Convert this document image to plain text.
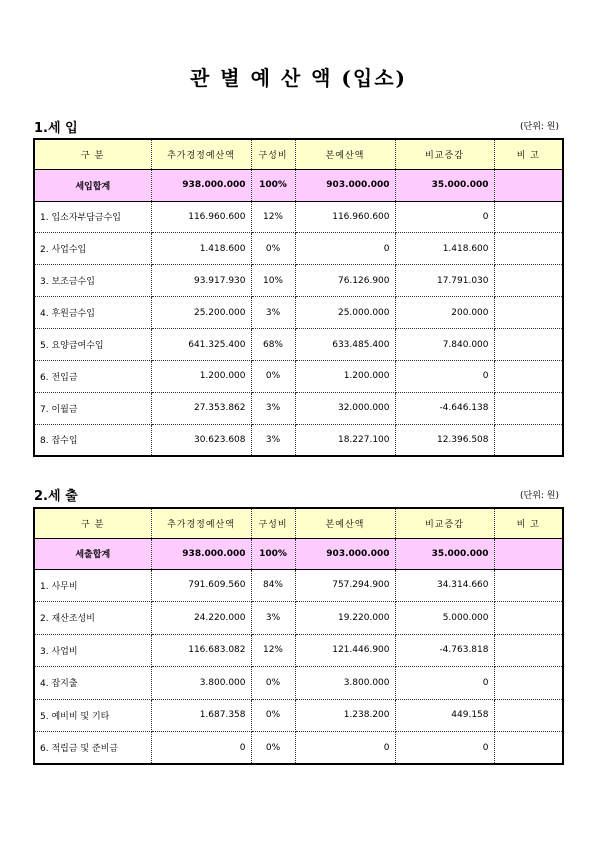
관 별 예 산 액 (입소)
1.세 입	(단위: 원)
구 분	추가경정예산액	구성비	본예산액	비교증감	비 고
세입합계	938.000.000	100%	903.000.000	35.000.000	
1. 입소자부담금수입	116.960.600	12%	116.960.600	0	
2. 사업수입	1.418.600	0%	0	1.418.600	
3. 보조금수입	93.917.930	10%	76.126.900	17.791.030	
4. 후원금수입	25.200.000	3%	25.000.000	200.000	
5. 요양급여수입	641.325.400	68%	633.485.400	7.840.000	
6. 전입금	1.200.000	0%	1.200.000	0	
7. 이월금	27.353.862	3%	32.000.000	-4.646.138	
8. 잡수입	30.623.608	3%	18.227.100	12.396.508	
2.세 출	(단위: 원)
구 분	추가경정예산액	구성비	본예산액	비교증감	비 고
세출합계	938.000.000	100%	903.000.000	35.000.000	
1. 사무비	791.609.560	84%	757.294.900	34.314.660	
2. 재산조성비	24.220.000	3%	19.220.000	5.000.000	
3. 사업비	116.683.082	12%	121.446.900	-4.763.818	
4. 잡지출	3.800.000	0%	3.800.000	0	
5. 예비비 및 기타	1.687.358	0%	1.238.200	449.158	
6. 적립금 및 준비금	0	0%	0	0	
